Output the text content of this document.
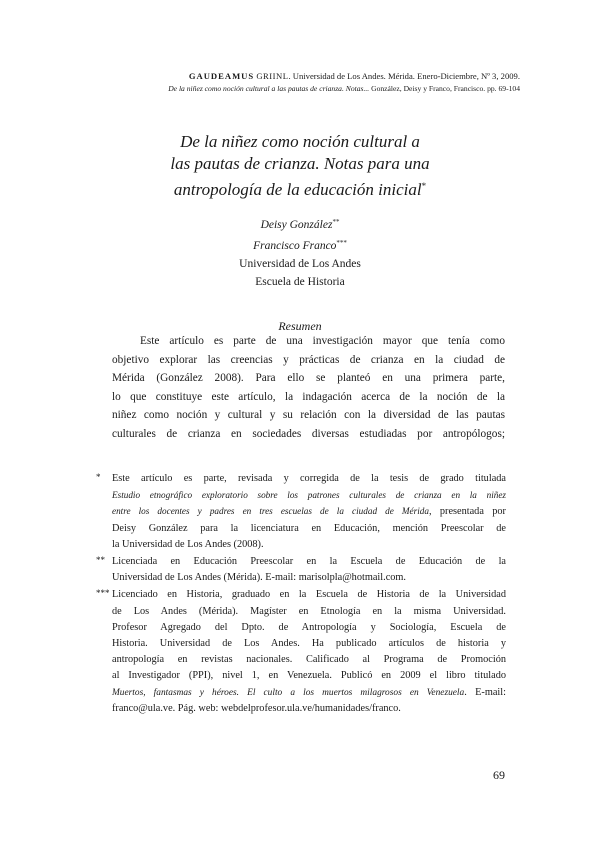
GAUDEAMUS GRIINL. Universidad de Los Andes. Mérida. Enero-Diciembre, Nº 3, 2009.
De la niñez como noción cultural a las pautas de crianza. Notas... González, Deisy y Franco, Francisco. pp. 69-104
De la niñez como noción cultural a
las pautas de crianza. Notas para una
antropología de la educación inicial*
Deisy González**
Francisco Franco***
Universidad de Los Andes
Escuela de Historia
Resumen
Este artículo es parte de una investigación mayor que tenía como
objetivo explorar las creencias y prácticas de crianza en la ciudad de
Mérida (González 2008). Para ello se planteó en una primera parte,
lo que constituye este artículo, la indagación acerca de la noción de la
niñez como noción y cultural y su relación con la diversidad de las pautas
culturales de crianza en sociedades diversas estudiadas por antropólogos;
* Este artículo es parte, revisada y corregida de la tesis de grado titulada
Estudio etnográfico exploratorio sobre los patrones culturales de crianza en la niñez
entre los docentes y padres en tres escuelas de la ciudad de Mérida, presentada por
Deisy González para la licenciatura en Educación, mención Preescolar de
la Universidad de Los Andes (2008).
** Licenciada en Educación Preescolar en la Escuela de Educación de la
Universidad de Los Andes (Mérida). E-mail: marisolpla@hotmail.com.
*** Licenciado en Historia, graduado en la Escuela de Historia de la Universidad
de Los Andes (Mérida). Magíster en Etnología en la misma Universidad.
Profesor Agregado del Dpto. de Antropología y Sociología, Escuela de
Historia. Universidad de Los Andes. Ha publicado artículos de historia y
antropología en revistas nacionales. Calificado al Programa de Promoción
al Investigador (PPI), nivel 1, en Venezuela. Publicó en 2009 el libro titulado
Muertos, fantasmas y héroes. El culto a los muertos milagrosos en Venezuela. E-mail:
franco@ula.ve. Pág. web: webdelprofesor.ula.ve/humanidades/franco.
69
